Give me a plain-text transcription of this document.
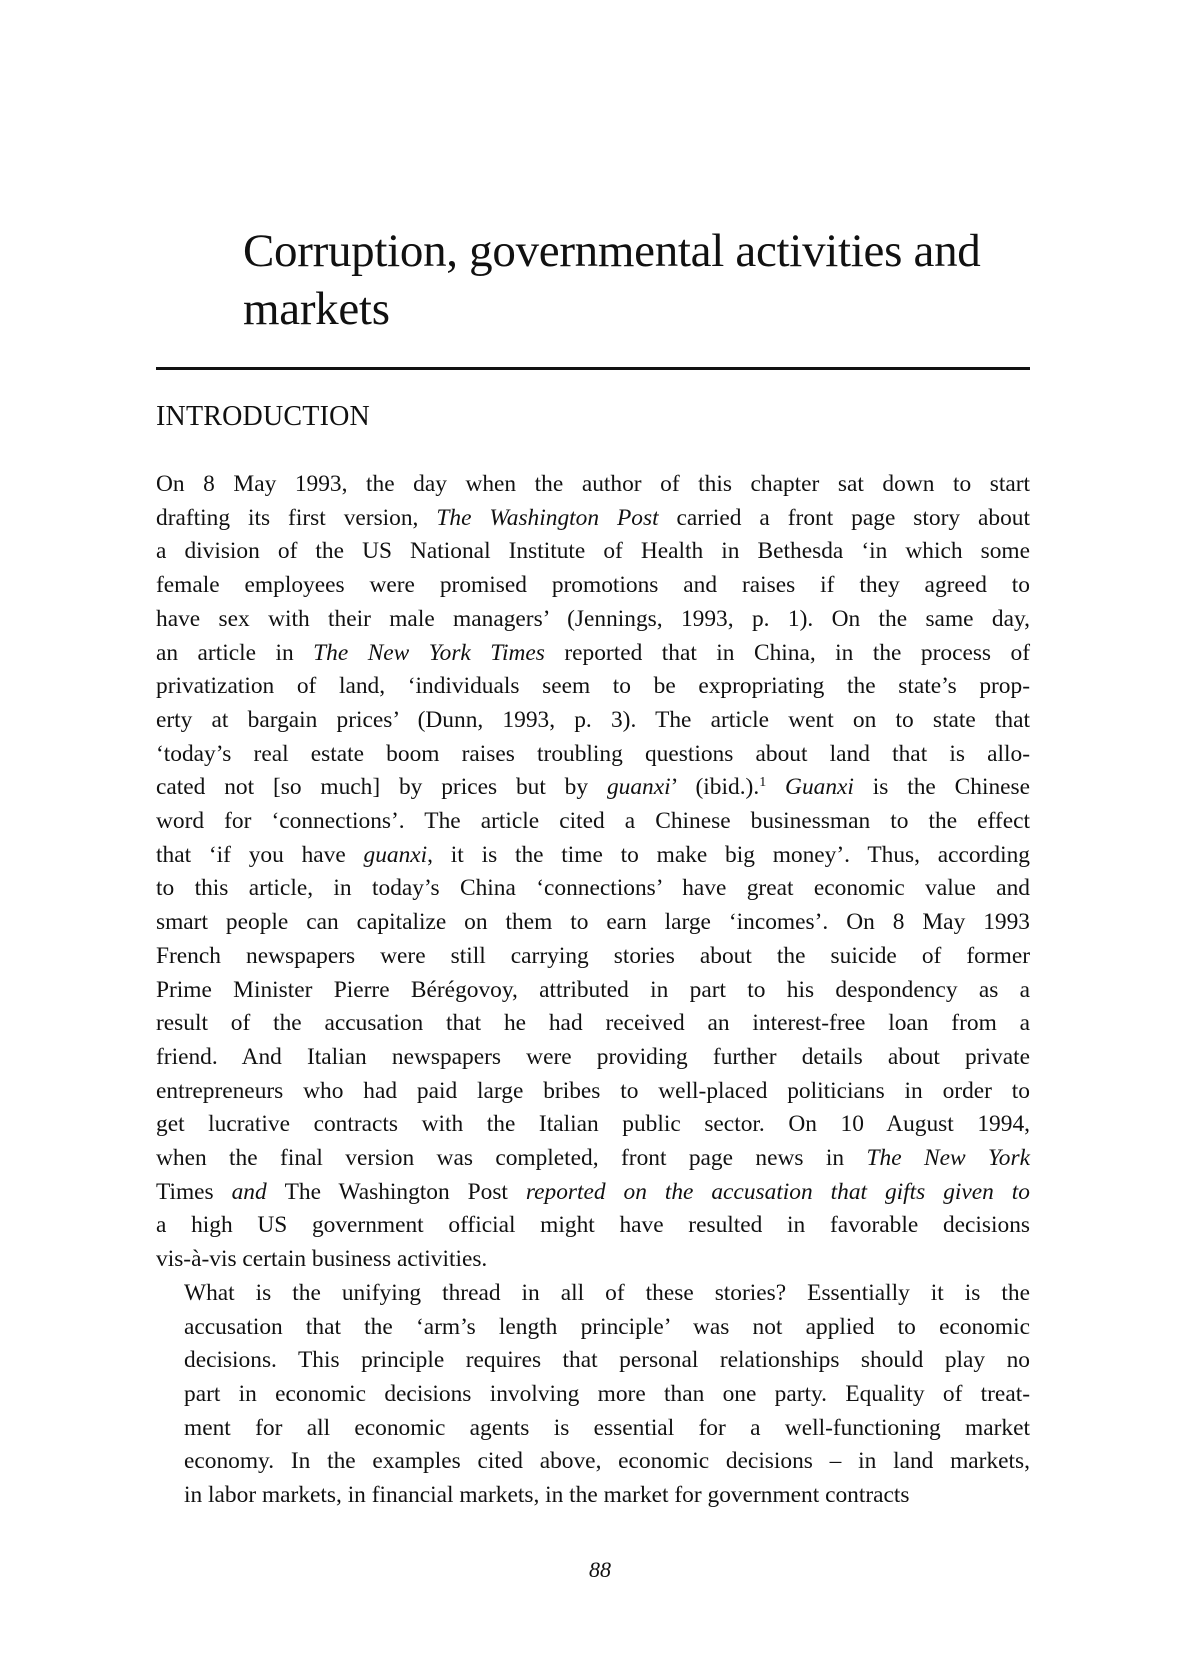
Corruption, governmental activities and markets
INTRODUCTION

On 8 May 1993, the day when the author of this chapter sat down to start
drafting its first version, The Washington Post carried a front page story about
a division of the US National Institute of Health in Bethesda ‘in which some
female employees were promised promotions and raises if they agreed to
have sex with their male managers’ (Jennings, 1993, p. 1). On the same day,
an article in The New York Times reported that in China, in the process of
privatization of land, ‘individuals seem to be expropriating the state’s prop-
erty at bargain prices’ (Dunn, 1993, p. 3). The article went on to state that
‘today’s real estate boom raises troubling questions about land that is allo-
cated not [so much] by prices but by guanxi’ (ibid.).$^1$ Guanxi is the Chinese
word for ‘connections’. The article cited a Chinese businessman to the effect
that ‘if you have guanxi, it is the time to make big money’. Thus, according
to this article, in today’s China ‘connections’ have great economic value and
smart people can capitalize on them to earn large ‘incomes’. On 8 May 1993
French newspapers were still carrying stories about the suicide of former
Prime Minister Pierre Bérégovoy, attributed in part to his despondency as a
result of the accusation that he had received an interest-free loan from a
friend. And Italian newspapers were providing further details about private
entrepreneurs who had paid large bribes to well-placed politicians in order to
get lucrative contracts with the Italian public sector. On 10 August 1994,
when the final version was completed, front page news in The New York
Times and The Washington Post reported on the accusation that gifts given to
a high US government official might have resulted in favorable decisions
vis-à-vis certain business activities.

What is the unifying thread in all of these stories? Essentially it is the
accusation that the ‘arm’s length principle’ was not applied to economic
decisions. This principle requires that personal relationships should play no
part in economic decisions involving more than one party. Equality of treat-
ment for all economic agents is essential for a well-functioning market
economy. In the examples cited above, economic decisions – in land markets,
in labor markets, in financial markets, in the market for government contracts

88
